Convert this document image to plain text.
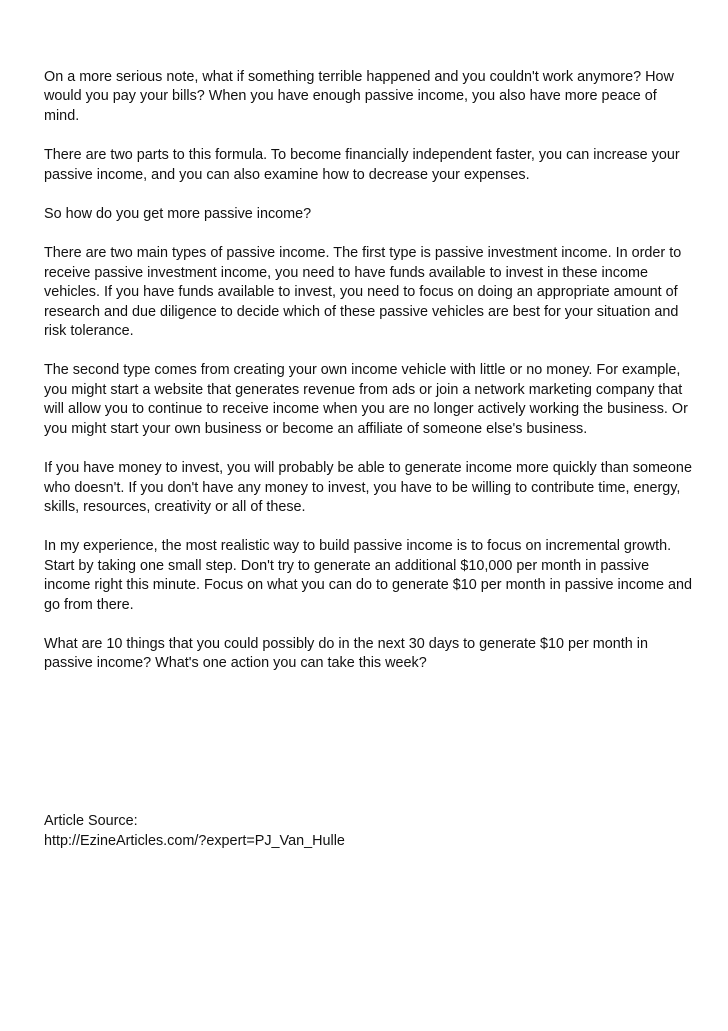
On a more serious note, what if something terrible happened and you couldn't work anymore? How would you pay your bills? When you have enough passive income, you also have more peace of mind.

There are two parts to this formula. To become financially independent faster, you can increase your passive income, and you can also examine how to decrease your expenses.

So how do you get more passive income?

There are two main types of passive income. The first type is passive investment income. In order to receive passive investment income, you need to have funds available to invest in these income vehicles. If you have funds available to invest, you need to focus on doing an appropriate amount of research and due diligence to decide which of these passive vehicles are best for your situation and risk tolerance.

The second type comes from creating your own income vehicle with little or no money. For example, you might start a website that generates revenue from ads or join a network marketing company that will allow you to continue to receive income when you are no longer actively working the business. Or you might start your own business or become an affiliate of someone else's business.

If you have money to invest, you will probably be able to generate income more quickly than someone who doesn't. If you don't have any money to invest, you have to be willing to contribute time, energy, skills, resources, creativity or all of these.

In my experience, the most realistic way to build passive income is to focus on incremental growth. Start by taking one small step. Don't try to generate an additional $10,000 per month in passive income right this minute. Focus on what you can do to generate $10 per month in passive income and go from there.

What are 10 things that you could possibly do in the next 30 days to generate $10 per month in passive income? What's one action you can take this week?

Article Source:
http://EzineArticles.com/?expert=PJ_Van_Hulle
